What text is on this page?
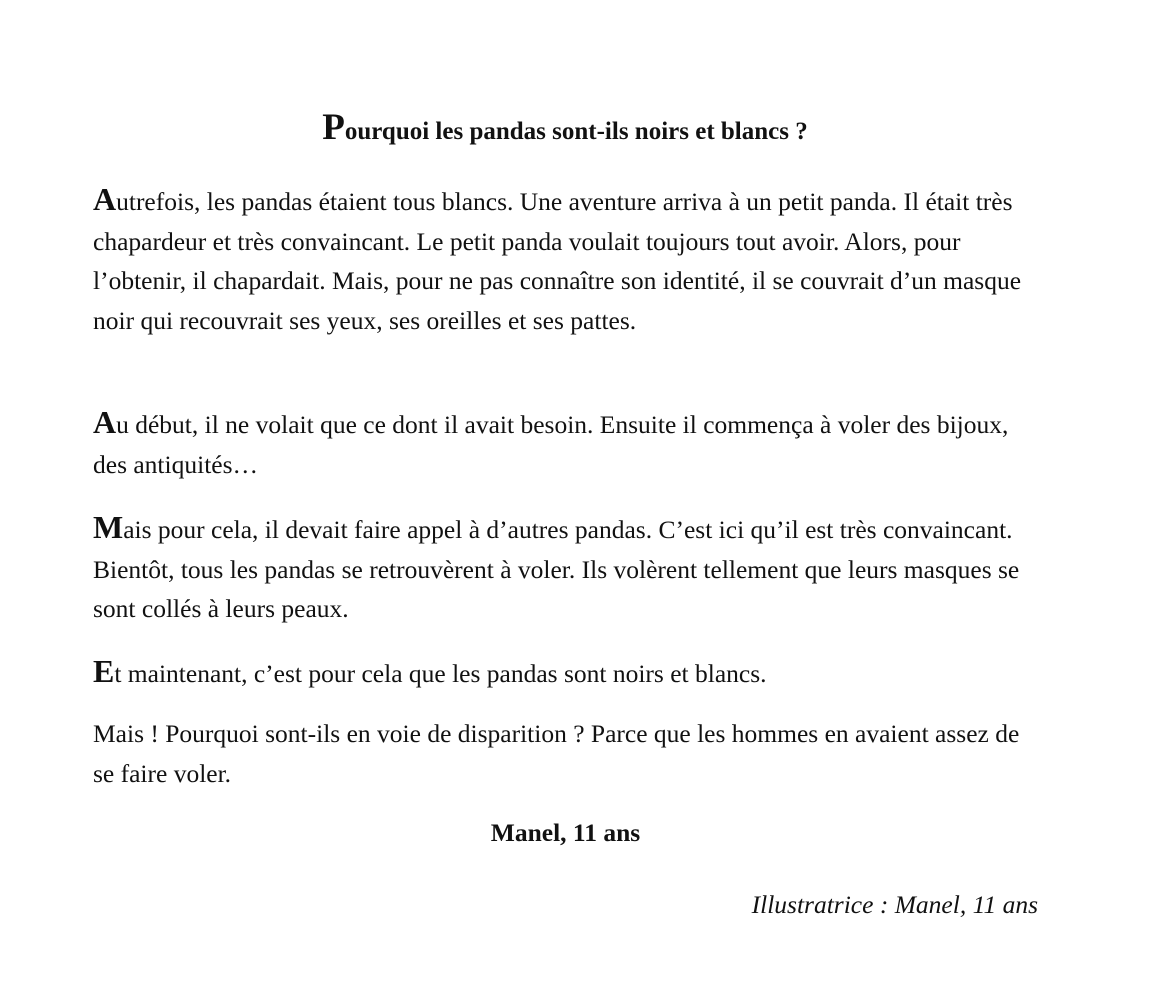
Pourquoi les pandas sont-ils noirs et blancs ?

Autrefois, les pandas étaient tous blancs. Une aventure arriva à un petit panda. Il était très chapardeur et très convaincant. Le petit panda voulait toujours tout avoir. Alors, pour l’obtenir, il chapardait. Mais, pour ne pas connaître son identité, il se couvrait d’un masque noir qui recouvrait ses yeux, ses oreilles et ses pattes.

Au début, il ne volait que ce dont il avait besoin. Ensuite il commença à voler des bijoux, des antiquités…

Mais pour cela, il devait faire appel à d’autres pandas. C’est ici qu’il est très convaincant. Bientôt, tous les pandas se retrouvèrent à voler. Ils volèrent tellement que leurs masques se sont collés à leurs peaux.

Et maintenant, c’est pour cela que les pandas sont noirs et blancs.

Mais ! Pourquoi sont-ils en voie de disparition ? Parce que les hommes en avaient assez de se faire voler.

Manel, 11 ans
Illustratrice : Manel, 11 ans
